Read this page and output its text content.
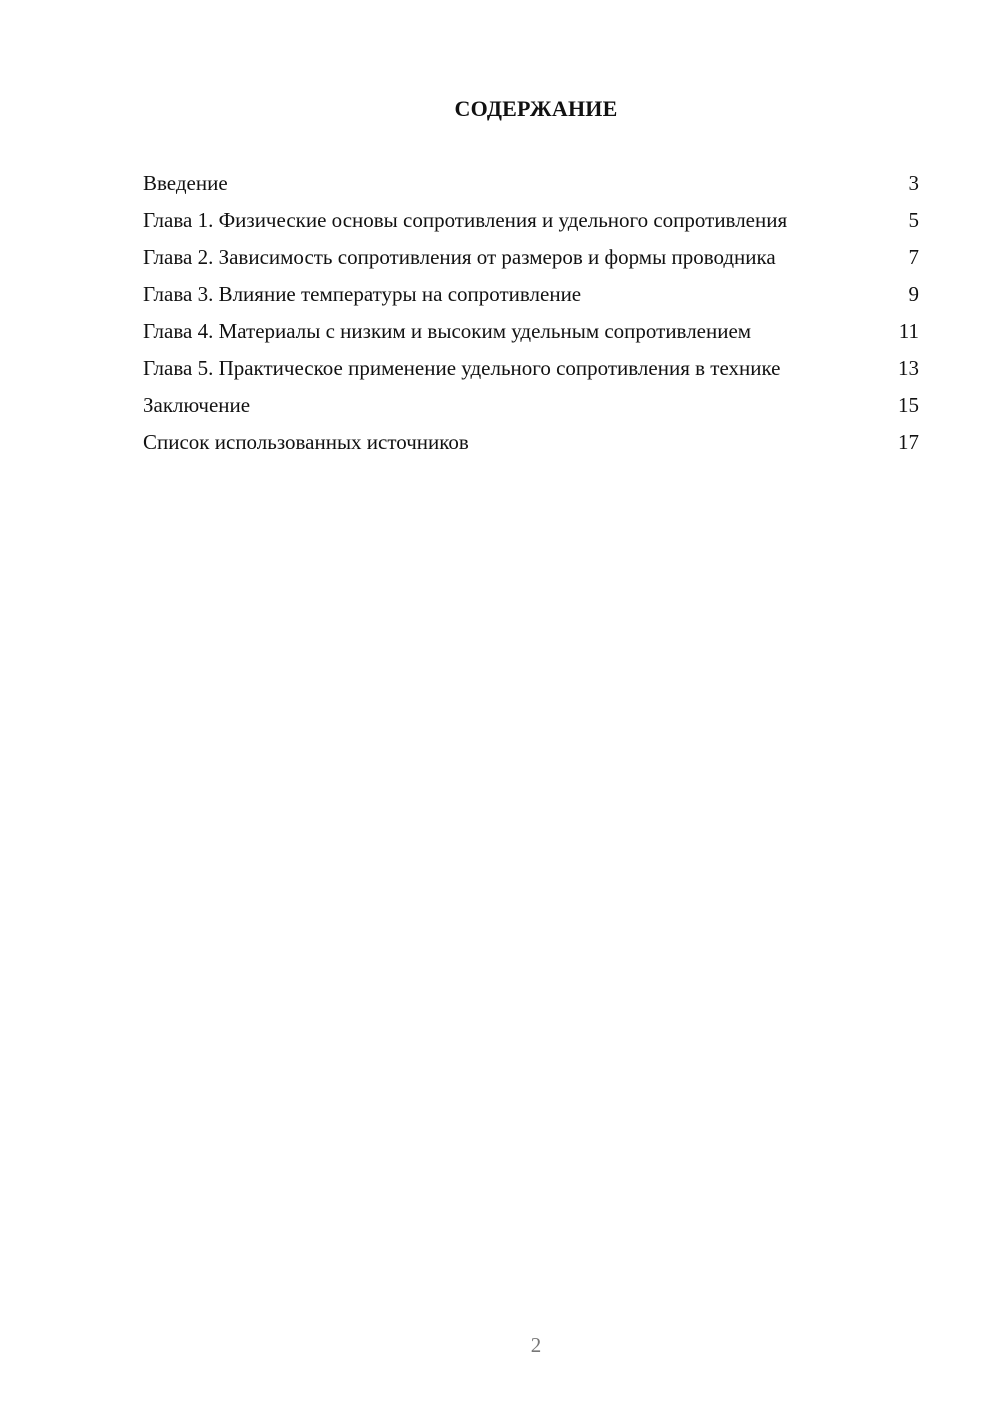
СОДЕРЖАНИЕ
Введение	3
Глава 1. Физические основы сопротивления и удельного сопротивления	5
Глава 2. Зависимость сопротивления от размеров и формы проводника	7
Глава 3. Влияние температуры на сопротивление	9
Глава 4. Материалы с низким и высоким удельным сопротивлением	11
Глава 5. Практическое применение удельного сопротивления в технике	13
Заключение	15
Список использованных источников	17
2
